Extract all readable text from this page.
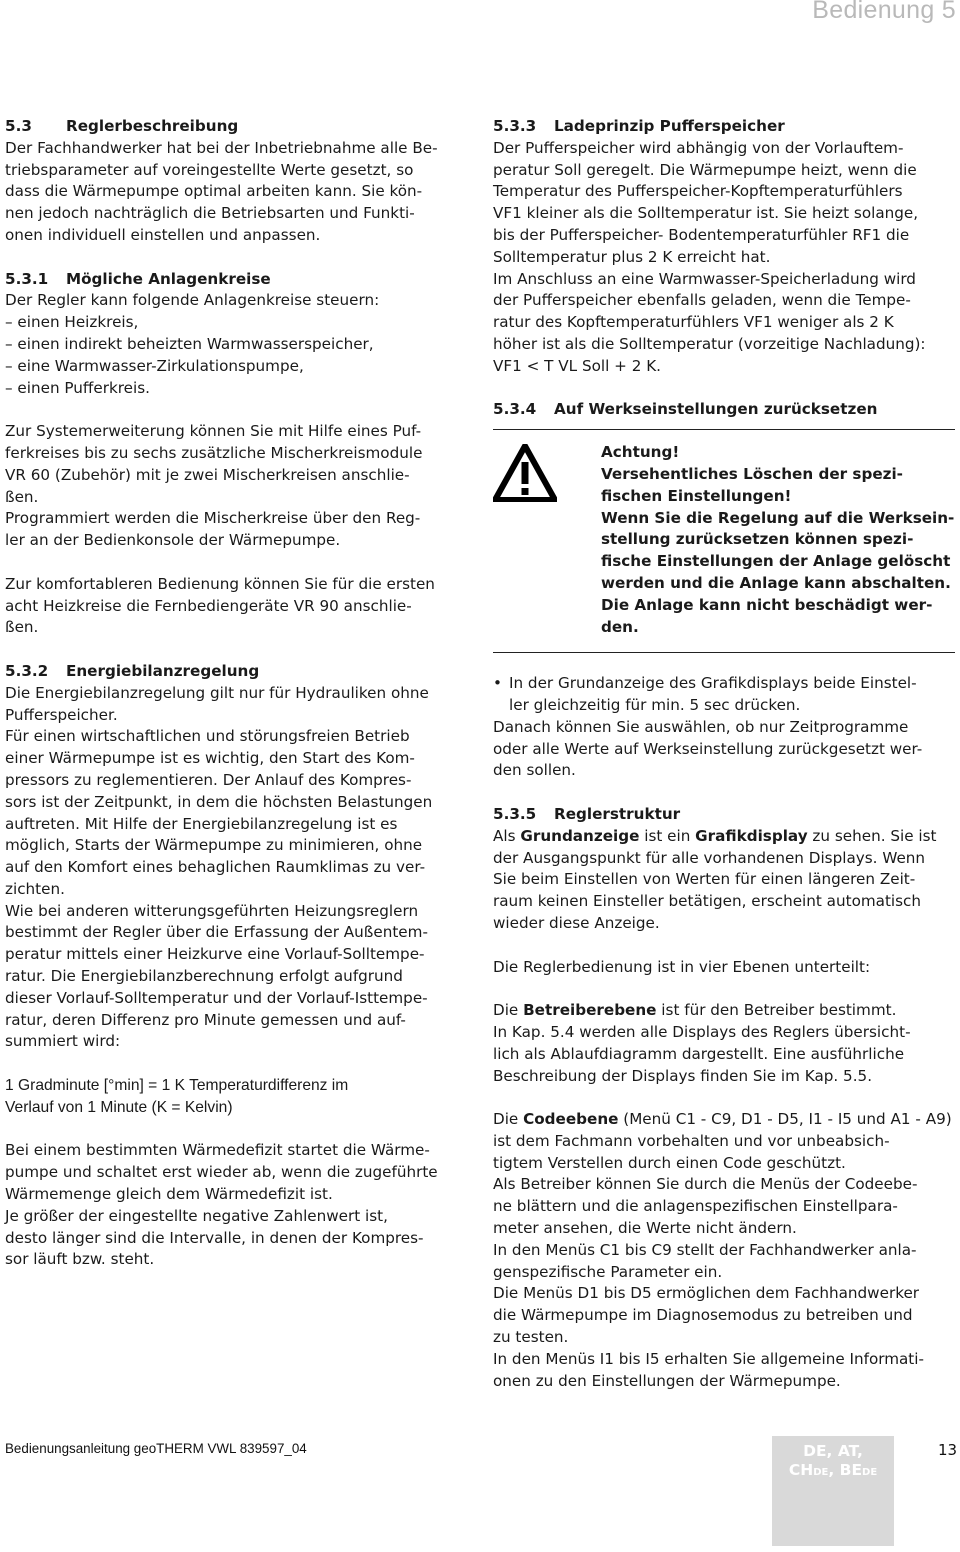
Bedienung 5

5.3 Reglerbeschreibung

Der Fachhandwerker hat bei der Inbetriebnahme alle Be-
triebsparameter auf voreingestellte Werte gesetzt, so
dass die Wärmepumpe optimal arbeiten kann. Sie kön-
nen jedoch nachträglich die Betriebsarten und Funkti-
onen individuell einstellen und anpassen.

5.3.1 Mögliche Anlagenkreise

Der Regler kann folgende Anlagenkreise steuern:
– einen Heizkreis,
– einen indirekt beheizten Warmwasserspeicher,
– eine Warmwasser-Zirkulationspumpe,
– einen Pufferkreis.
Zur Systemerweiterung können Sie mit Hilfe eines Puf-
ferkreises bis zu sechs zusätzliche Mischerkreismodule
VR 60 (Zubehör) mit je zwei Mischerkreisen anschlie-
ßen.
Programmiert werden die Mischerkreise über den Reg-
ler an der Bedienkonsole der Wärmepumpe.
Zur komfortableren Bedienung können Sie für die ersten
acht Heizkreise die Fernbediengeräte VR 90 anschlie-
ßen.

5.3.2 Energiebilanzregelung

Die Energiebilanzregelung gilt nur für Hydrauliken ohne
Pufferspeicher.
Für einen wirtschaftlichen und störungsfreien Betrieb
einer Wärmepumpe ist es wichtig, den Start des Kom-
pressors zu reglementieren. Der Anlauf des Kompres-
sors ist der Zeitpunkt, in dem die höchsten Belastungen
auftreten. Mit Hilfe der Energiebilanzregelung ist es
möglich, Starts der Wärmepumpe zu minimieren, ohne
auf den Komfort eines behaglichen Raumklimas zu ver-
zichten.
Wie bei anderen witterungsgeführten Heizungsreglern
bestimmt der Regler über die Erfassung der Außentem-
peratur mittels einer Heizkurve eine Vorlauf-Solltempe-
ratur. Die Energiebilanzberechnung erfolgt aufgrund
dieser Vorlauf-Solltemperatur und der Vorlauf-Isttempe-
ratur, deren Differenz pro Minute gemessen und auf-
summiert wird:
1 Gradminute [°min] = 1 K Temperaturdifferenz im
Verlauf von 1 Minute (K = Kelvin)
Bei einem bestimmten Wärmedefizit startet die Wärme-
pumpe und schaltet erst wieder ab, wenn die zugeführte
Wärmemenge gleich dem Wärmedefizit ist.
Je größer der eingestellte negative Zahlenwert ist,
desto länger sind die Intervalle, in denen der Kompres-
sor läuft bzw. steht.

5.3.3 Ladeprinzip Pufferspeicher

Der Pufferspeicher wird abhängig von der Vorlauftem-
peratur Soll geregelt. Die Wärmepumpe heizt, wenn die
Temperatur des Pufferspeicher-Kopftemperaturfühlers
VF1 kleiner als die Solltemperatur ist. Sie heizt solange,
bis der Pufferspeicher- Bodentemperaturfühler RF1 die
Solltemperatur plus 2 K erreicht hat.
Im Anschluss an eine Warmwasser-Speicherladung wird
der Pufferspeicher ebenfalls geladen, wenn die Tempe-
ratur des Kopftemperaturfühlers VF1 weniger als 2 K
höher ist als die Solltemperatur (vorzeitige Nachladung):
VF1 < T VL Soll + 2 K.

5.3.4 Auf Werkseinstellungen zurücksetzen

Achtung!
Versehentliches Löschen der spezi-
fischen Einstellungen!
Wenn Sie die Regelung auf die Werksein-
stellung zurücksetzen können spezi-
fische Einstellungen der Anlage gelöscht
werden und die Anlage kann abschalten.
Die Anlage kann nicht beschädigt wer-
den.
• In der Grundanzeige des Grafikdisplays beide Einstel-
ler gleichzeitig für min. 5 sec drücken.
Danach können Sie auswählen, ob nur Zeitprogramme
oder alle Werte auf Werkseinstellung zurückgesetzt wer-
den sollen.

5.3.5 Reglerstruktur

Als Grundanzeige ist ein Grafikdisplay zu sehen. Sie ist

der Ausgangspunkt für alle vorhandenen Displays. Wenn
Sie beim Einstellen von Werten für einen längeren Zeit-
raum keinen Einsteller betätigen, erscheint automatisch
wieder diese Anzeige.

Die Reglerbedienung ist in vier Ebenen unterteilt:

Die Betreiberebene ist für den Betreiber bestimmt.

In Kap. 5.4 werden alle Displays des Reglers übersicht-
lich als Ablaufdiagramm dargestellt. Eine ausführliche
Beschreibung der Displays finden Sie im Kap. 5.5.

Die Codeebene (Menü C1 - C9, D1 - D5, I1 - I5 und A1 - A9)

ist dem Fachmann vorbehalten und vor unbeabsich-
tigtem Verstellen durch einen Code geschützt.
Als Betreiber können Sie durch die Menüs der Codeebe-
ne blättern und die anlagenspezifischen Einstellpara-
meter ansehen, die Werte nicht ändern.
In den Menüs C1 bis C9 stellt der Fachhandwerker anla-
genspezifische Parameter ein.
Die Menüs D1 bis D5 ermöglichen dem Fachhandwerker
die Wärmepumpe im Diagnosemodus zu betreiben und
zu testen.
In den Menüs I1 bis I5 erhalten Sie allgemeine Informati-
onen zu den Einstellungen der Wärmepumpe.
Bedienungsanleitung geoTHERM VWL 839597_04	DE, AT,
CHDE, BEDE
13
